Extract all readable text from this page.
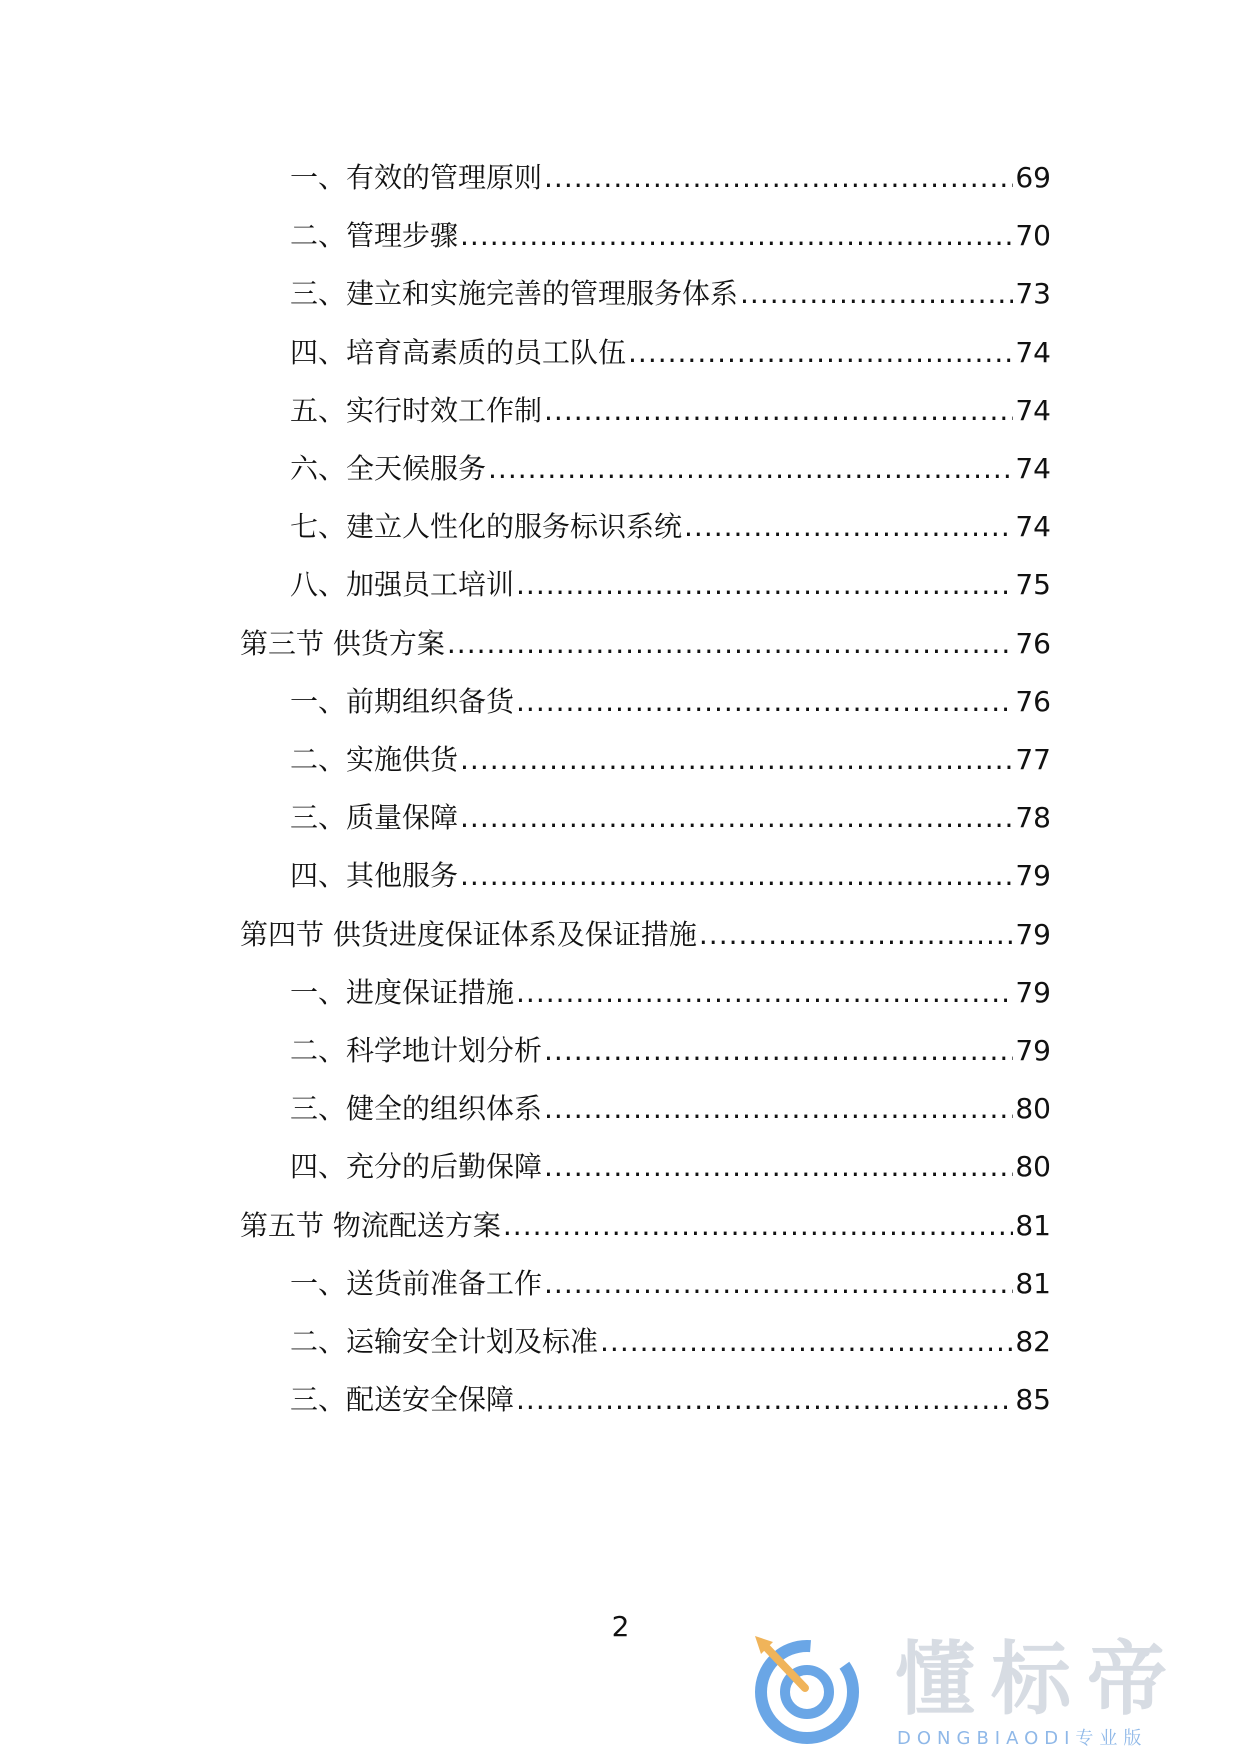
一、有效的管理原则 .....	69
二、管理步骤 .....	70
三、建立和实施完善的管理服务体系 .....	73
四、培育高素质的员工队伍 .....	74
五、实行时效工作制 .....	74
六、全天候服务 .....	74
七、建立人性化的服务标识系统 .....	74
八、加强员工培训 .....	75
第三节 供货方案 .....	76
一、前期组织备货 .....	76
二、实施供货 .....	77
三、质量保障 .....	78
四、其他服务 .....	79
第四节 供货进度保证体系及保证措施 .....	79
一、进度保证措施 .....	79
二、科学地计划分析 .....	79
三、健全的组织体系 .....	80
四、充分的后勤保障 .....	80
第五节 物流配送方案 .....	81
一、送货前准备工作 .....	81
二、运输安全计划及标准 .....	82
三、配送安全保障 .....	85
2
懂标帝
DONGBIAODI专业版
